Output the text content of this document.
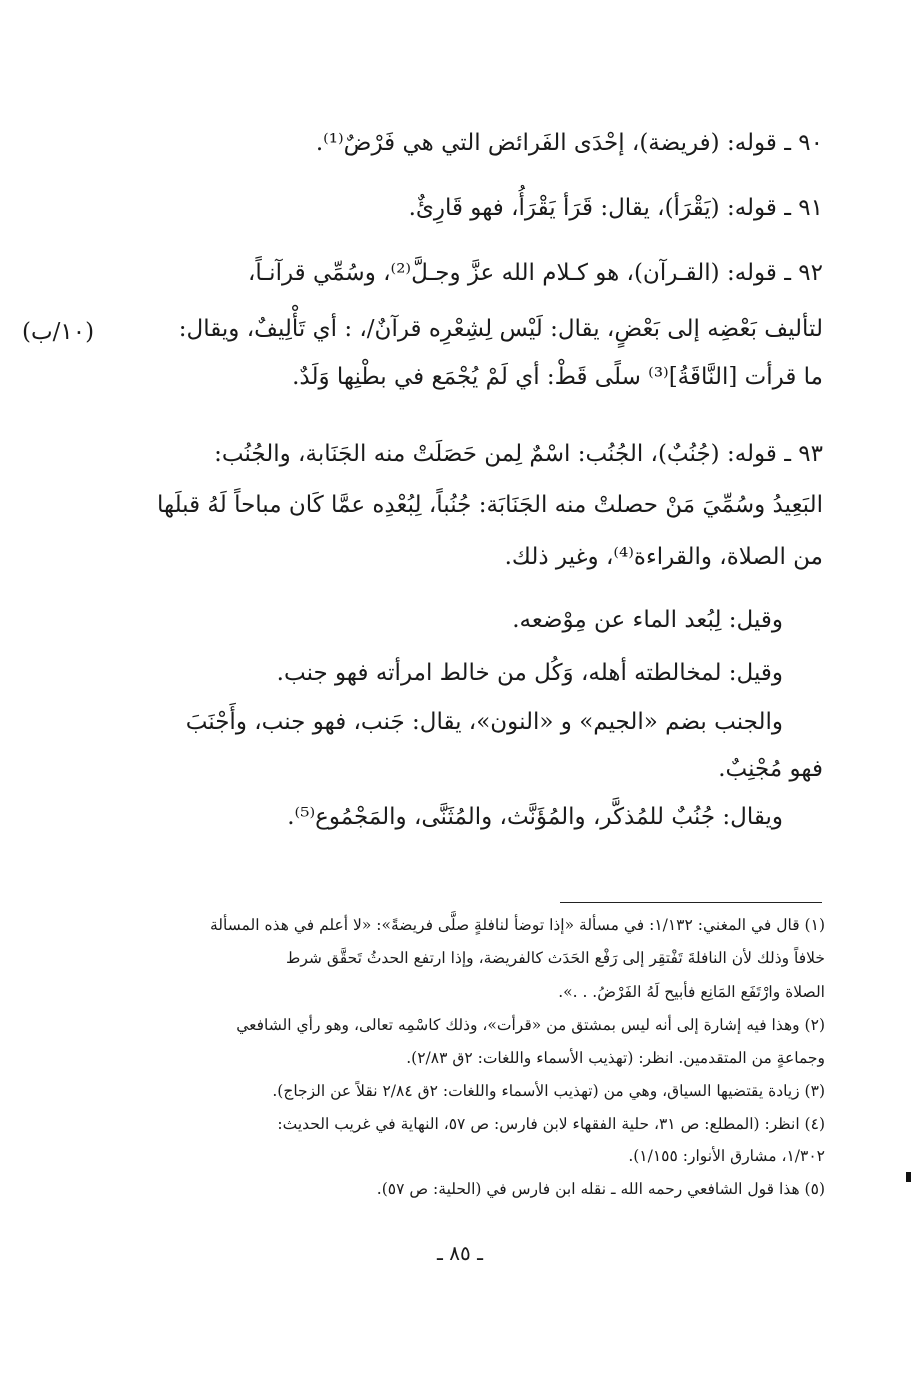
٩٠ ـ قوله: (فريضة)، إحْدَى الفَرائض التي هي فَرْضٌ⁽¹⁾.
٩١ ـ قوله: (يَقْرَأ)، يقال: قَرَأ يَقْرَأُ، فهو قَارِئٌ.
٩٢ ـ قوله: (القـرآن)، هو كـلام الله عزَّ وجـلَّ⁽²⁾، وسُمِّي قرآنـاً،
لتأليف بَعْضِه إلى بَعْضٍ، يقال: لَيْس لِشِعْرِه قرآنٌ/، : أي تَأْلِيفٌ، ويقال:
ما قرأت [النَّاقَةُ]⁽³⁾ سلًى قَطْ: أي لَمْ يُجْمَع في بطْنِها وَلَدٌ.
(١٠/ب)
٩٣ ـ قوله: (جُنُبٌ)، الجُنُب: اسْمٌ لِمن حَصَلَتْ منه الجَنَابة، والجُنُب:
البَعِيدُ وسُمِّيَ مَنْ حصلتْ منه الجَنَابَة: جُنُباً، لِبُعْدِه عمَّا كَان مباحاً لَهُ قبلَها
من الصلاة، والقراءة⁽⁴⁾، وغير ذلك.
وقيل: لِبُعد الماء عن مِوْضعه.
وقيل: لمخالطته أهله، وَكُل من خالط امرأته فهو جنب.
والجنب بضم «الجيم» و «النون»، يقال: جَنب، فهو جنب، وأَجْنَبَ
فهو مُجْنِبٌ.
ويقال: جُنُبٌ للمُذكَّر، والمُؤَنَّث، والمُثَنَّى، والمَجْمُوع⁽⁵⁾.
(١) قال في المغني: ١/١٣٢: في مسألة «إذا توضأ لنافلةٍ صلَّى فريضةً»: «لا أعلم في هذه المسألة
خلافاً وذلك لأن النافلةَ تَفْتقِر إلى رَفْع الحَدَث كالفريضة، وإذا ارتفع الحدثُ تَحقَّق شرط
الصلاة وارْتَفَع المَانِع فأبيح لَهُ الفَرْضُ. . .».
(٢) وهذا فيه إشارة إلى أنه ليس بمشتق من «قرأت»، وذلك كاسْمِه تعالى، وهو رأي الشافعي
وجماعةٍ من المتقدمين. انظر: (تهذيب الأسماء واللغات: ٢ق ٢/٨٣).
(٣) زيادة يقتضيها السياق، وهي من (تهذيب الأسماء واللغات: ٢ق ٢/٨٤ نقلاً عن الزجاج).
(٤) انظر: (المطلع: ص ٣١، حلية الفقهاء لابن فارس: ص ٥٧، النهاية في غريب الحديث:
١/٣٠٢، مشارق الأنوار: ١/١٥٥).
(٥) هذا قول الشافعي رحمه الله ـ نقله ابن فارس في (الحلية: ص ٥٧).
ـ ٨٥ ـ
